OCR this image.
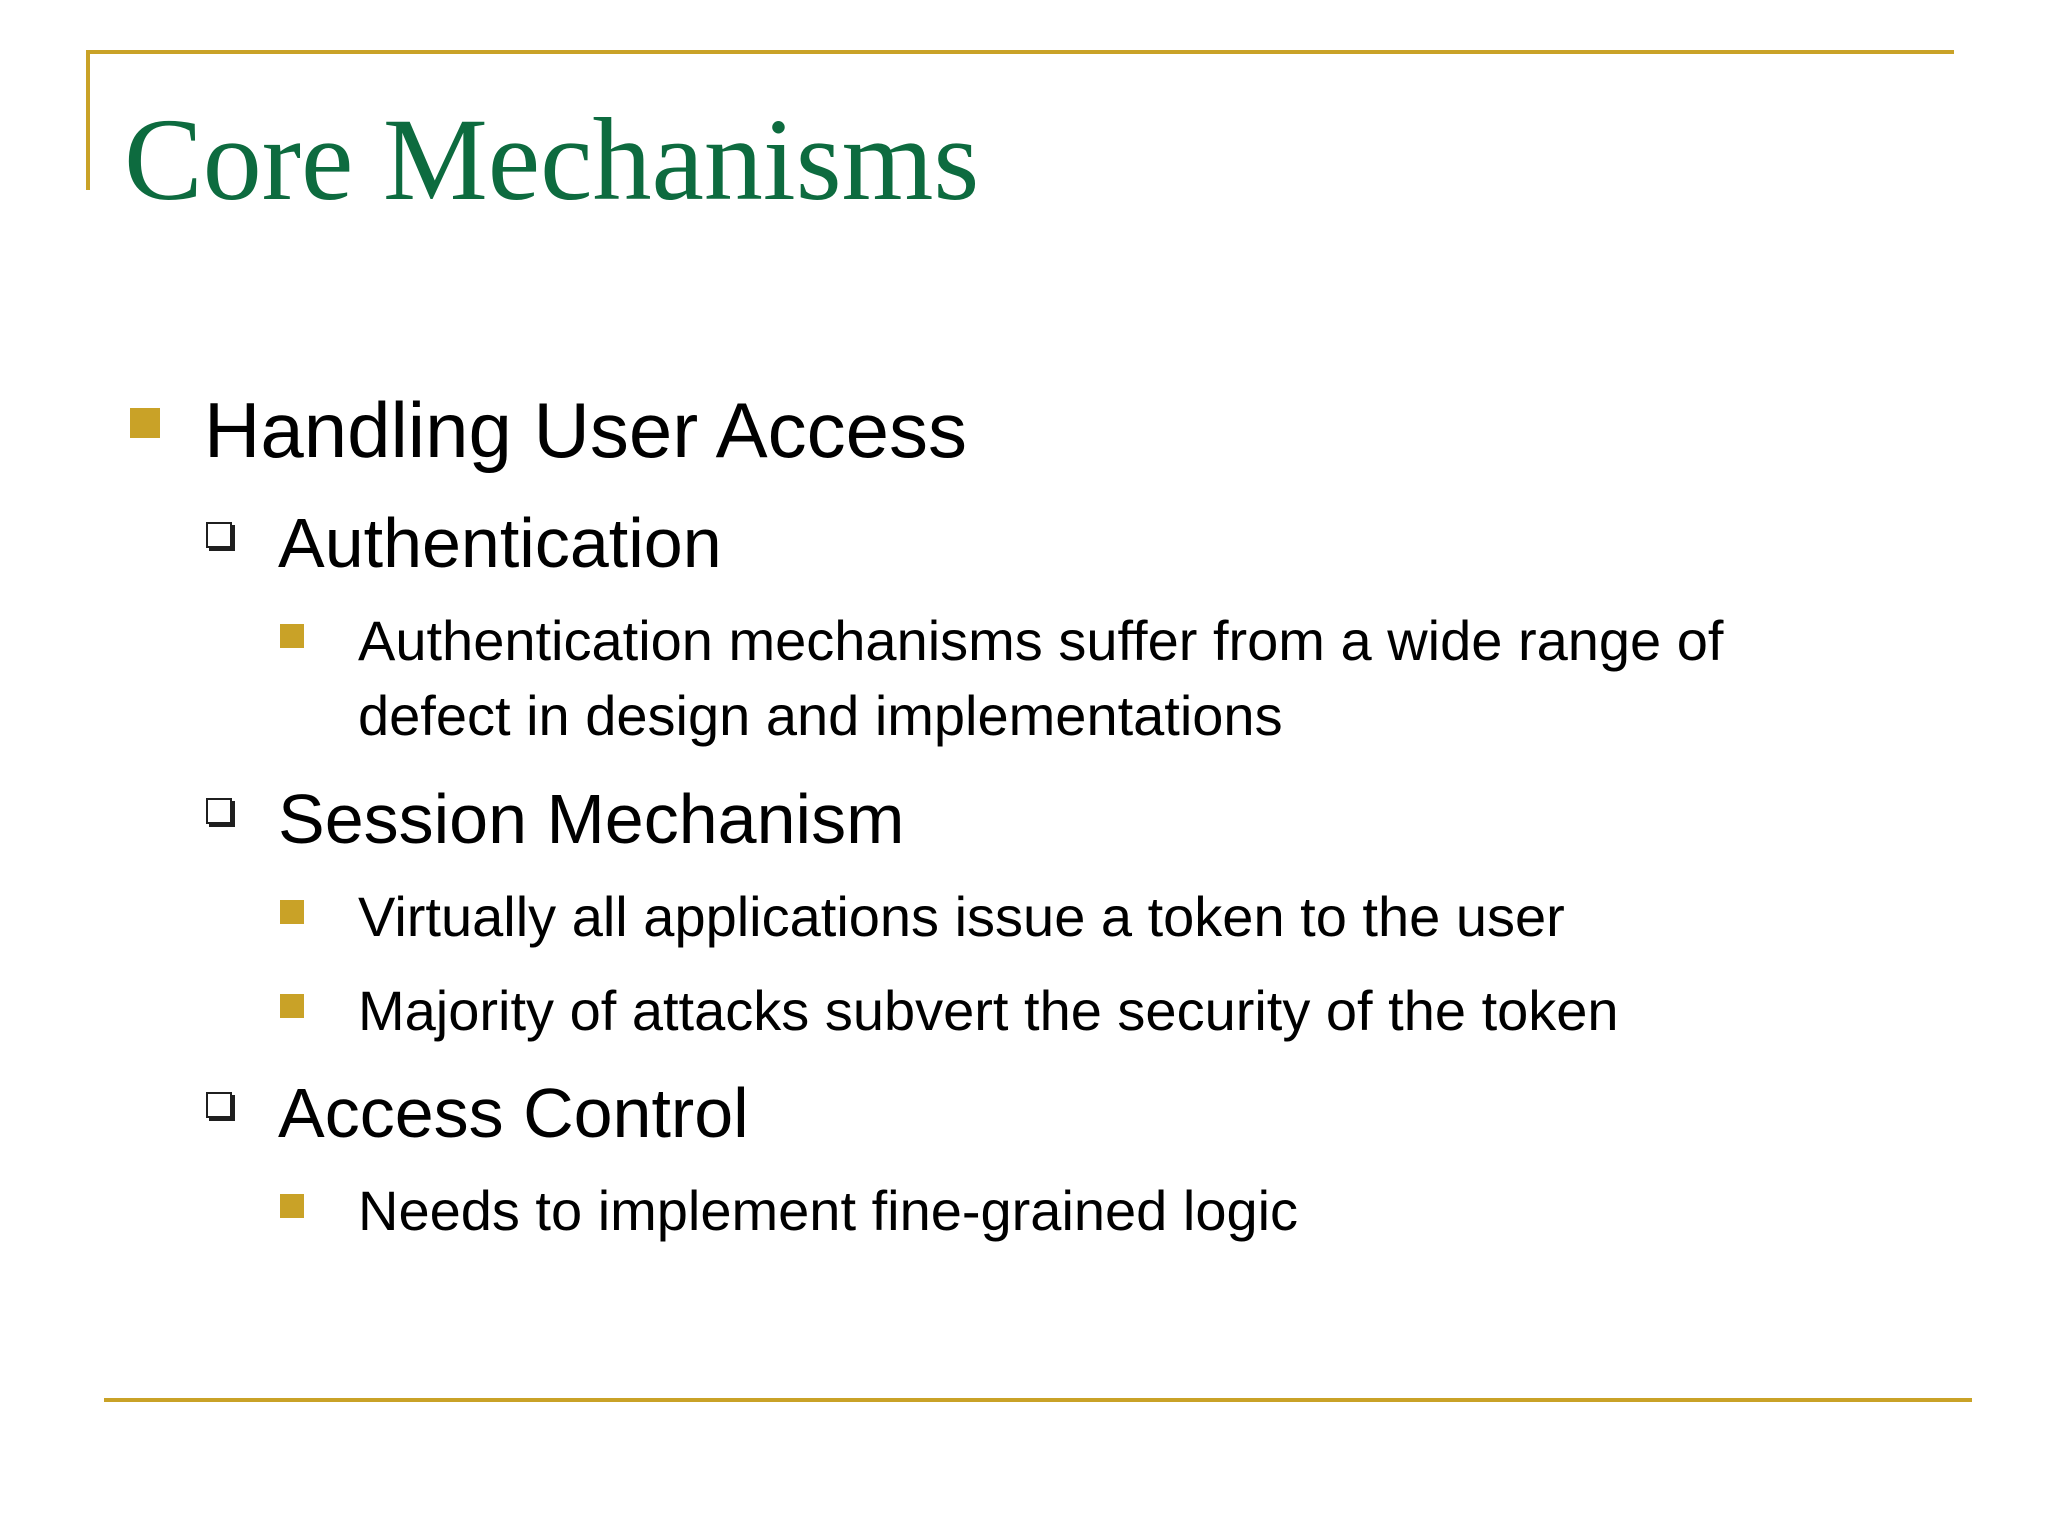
Core Mechanisms
Handling User Access
Authentication
Authentication mechanisms suffer from a wide range of
defect in design and implementations
Session Mechanism
Virtually all applications issue a token to the user
Majority of attacks subvert the security of the token
Access Control
Needs to implement fine-grained logic
